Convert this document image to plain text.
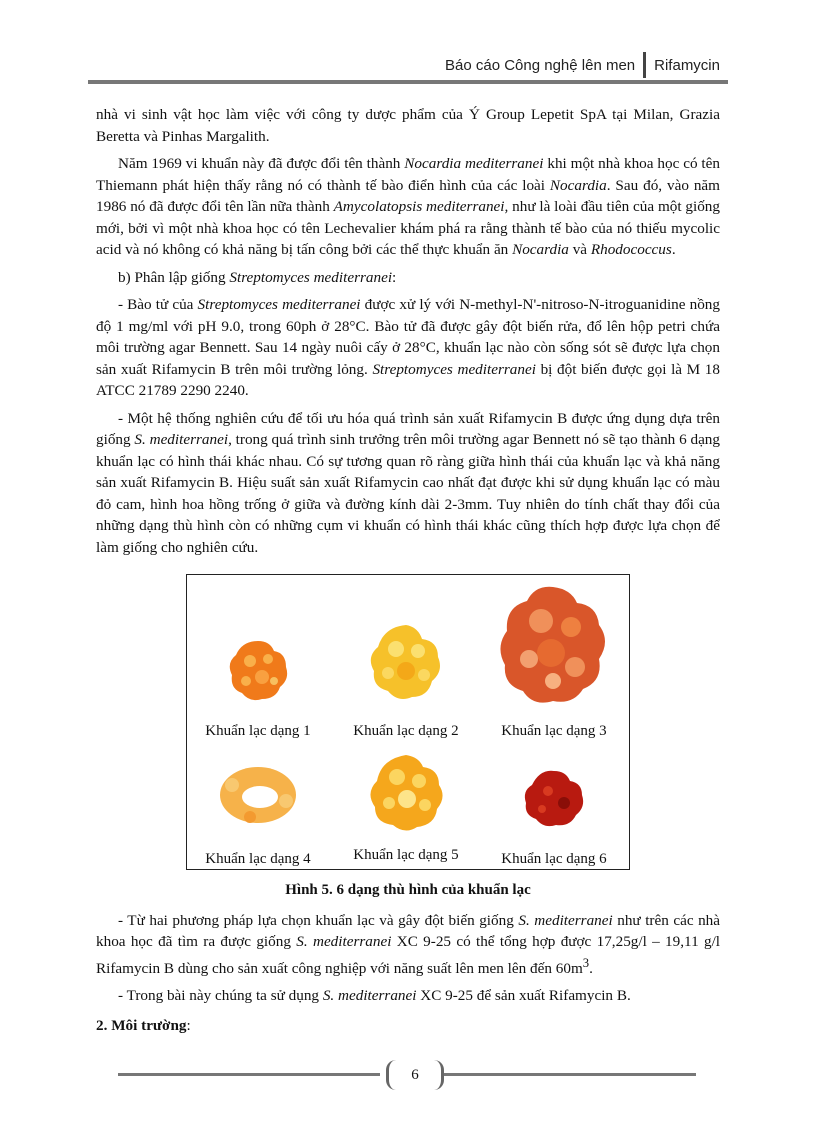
Báo cáo Công nghệ lên men Rifamycin

nhà vi sinh vật học làm việc với công ty dược phẩm của Ý Group Lepetit SpA tại Milan, Grazia Beretta và Pinhas Margalith.

Năm 1969 vi khuẩn này đã được đổi tên thành Nocardia mediterranei khi một nhà khoa học có tên Thiemann phát hiện thấy rằng nó có thành tế bào điển hình của các loài Nocardia. Sau đó, vào năm 1986 nó đã được đổi tên lần nữa thành Amycolatopsis mediterranei, như là loài đầu tiên của một giống mới, bởi vì một nhà khoa học có tên Lechevalier khám phá ra rằng thành tế bào của nó thiếu mycolic acid và nó không có khả năng bị tấn công bởi các thể thực khuẩn ăn Nocardia và Rhodococcus.

b) Phân lập giống Streptomyces mediterranei:

- Bào tử của Streptomyces mediterranei được xử lý với N-methyl-N'-nitroso-N-itroguanidine nồng độ 1 mg/ml với pH 9.0, trong 60ph ở 28°C. Bào tử đã được gây đột biến rửa, đổ lên hộp petri chứa môi trường agar Bennett. Sau 14 ngày nuôi cấy ở 28°C, khuẩn lạc nào còn sống sót sẽ được lựa chọn sản xuất Rifamycin B trên môi trường lỏng. Streptomyces mediterranei bị đột biến được gọi là M 18 ATCC 21789 2290 2240.

- Một hệ thống nghiên cứu để tối ưu hóa quá trình sản xuất Rifamycin B được ứng dụng dựa trên giống S. mediterranei, trong quá trình sinh trưởng trên môi trường agar Bennett nó sẽ tạo thành 6 dạng khuẩn lạc có hình thái khác nhau. Có sự tương quan rõ ràng giữa hình thái của khuẩn lạc và khả năng sản xuất Rifamycin B. Hiệu suất sản xuất Rifamycin cao nhất đạt được khi sử dụng khuẩn lạc có màu đỏ cam, hình hoa hồng trống ở giữa và đường kính dài 2-3mm. Tuy nhiên do tính chất thay đổi của những dạng thù hình còn có những cụm vi khuẩn có hình thái khác cũng thích hợp được lựa chọn để làm giống cho nghiên cứu.

Khuẩn lạc dạng 1	Khuẩn lạc dạng 2	Khuẩn lạc dạng 3
Khuẩn lạc dạng 4	Khuẩn lạc dạng 5	Khuẩn lạc dạng 6
Hình 5. 6 dạng thù hình của khuẩn lạc

- Từ hai phương pháp lựa chọn khuẩn lạc và gây đột biến giống S. mediterranei như trên các nhà khoa học đã tìm ra được giống S. mediterranei XC 9-25 có thể tổng hợp được 17,25g/l – 19,11 g/l Rifamycin B dùng cho sản xuất công nghiệp với năng suất lên men lên đến $60m^3$.

- Trong bài này chúng ta sử dụng S. mediterranei XC 9-25 để sản xuất Rifamycin B.

2. Môi trường:

6
